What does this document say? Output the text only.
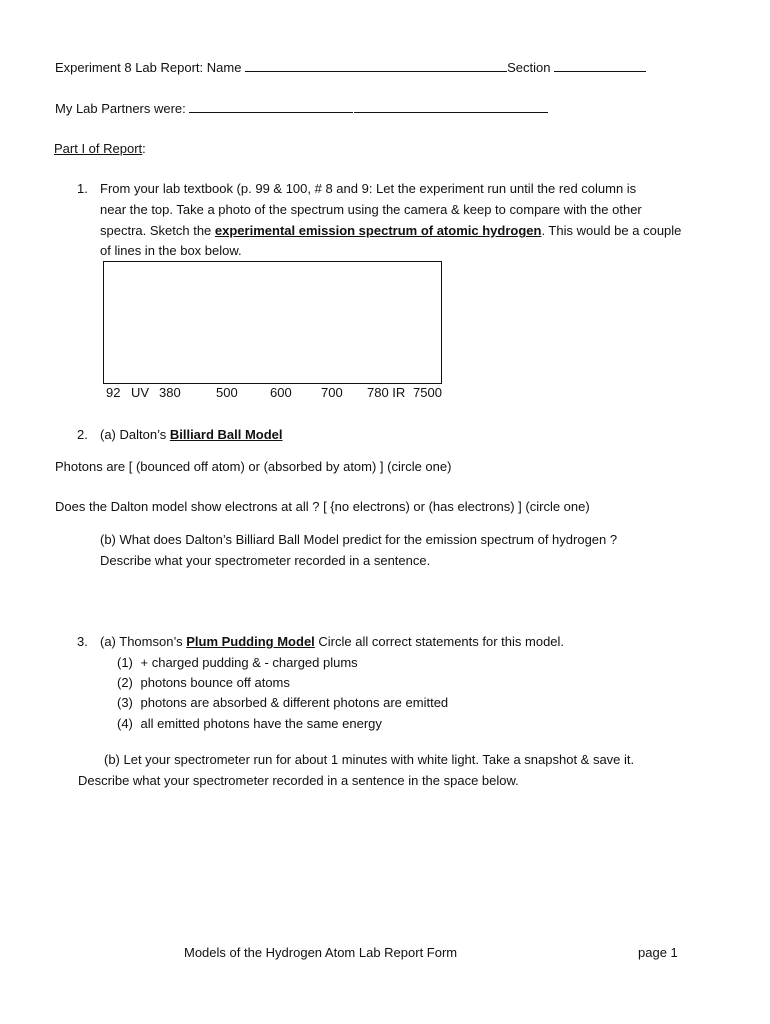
Experiment 8 Lab Report: Name	Section
My Lab Partners were:
Part I of Report:
1. From your lab textbook (p. 99 & 100, # 8 and 9: Let the experiment run until the red column is
near the top. Take a photo of the spectrum using the camera & keep to compare with the other
spectra. Sketch the experimental emission spectrum of atomic hydrogen. This would be a couple
of lines in the box below.
92 UV 380	500 600 700 780 IR 7500
2. (a) Dalton’s Billiard Ball Model
Photons are [ (bounced off atom) or (absorbed by atom) ] (circle one)
Does the Dalton model show electrons at all ? [ {no electrons) or (has electrons) ] (circle one)
(b) What does Dalton’s Billiard Ball Model predict for the emission spectrum of hydrogen ?
Describe what your spectrometer recorded in a sentence.
3. (a) Thomson’s Plum Pudding Model Circle all correct statements for this model.
(1) + charged pudding & - charged plums
(2) photons bounce off atoms
(3) photons are absorbed & different photons are emitted
(4) all emitted photons have the same energy
(b) Let your spectrometer run for about 1 minutes with white light. Take a snapshot & save it.
Describe what your spectrometer recorded in a sentence in the space below.
Models of the Hydrogen Atom Lab Report Form	page 1
